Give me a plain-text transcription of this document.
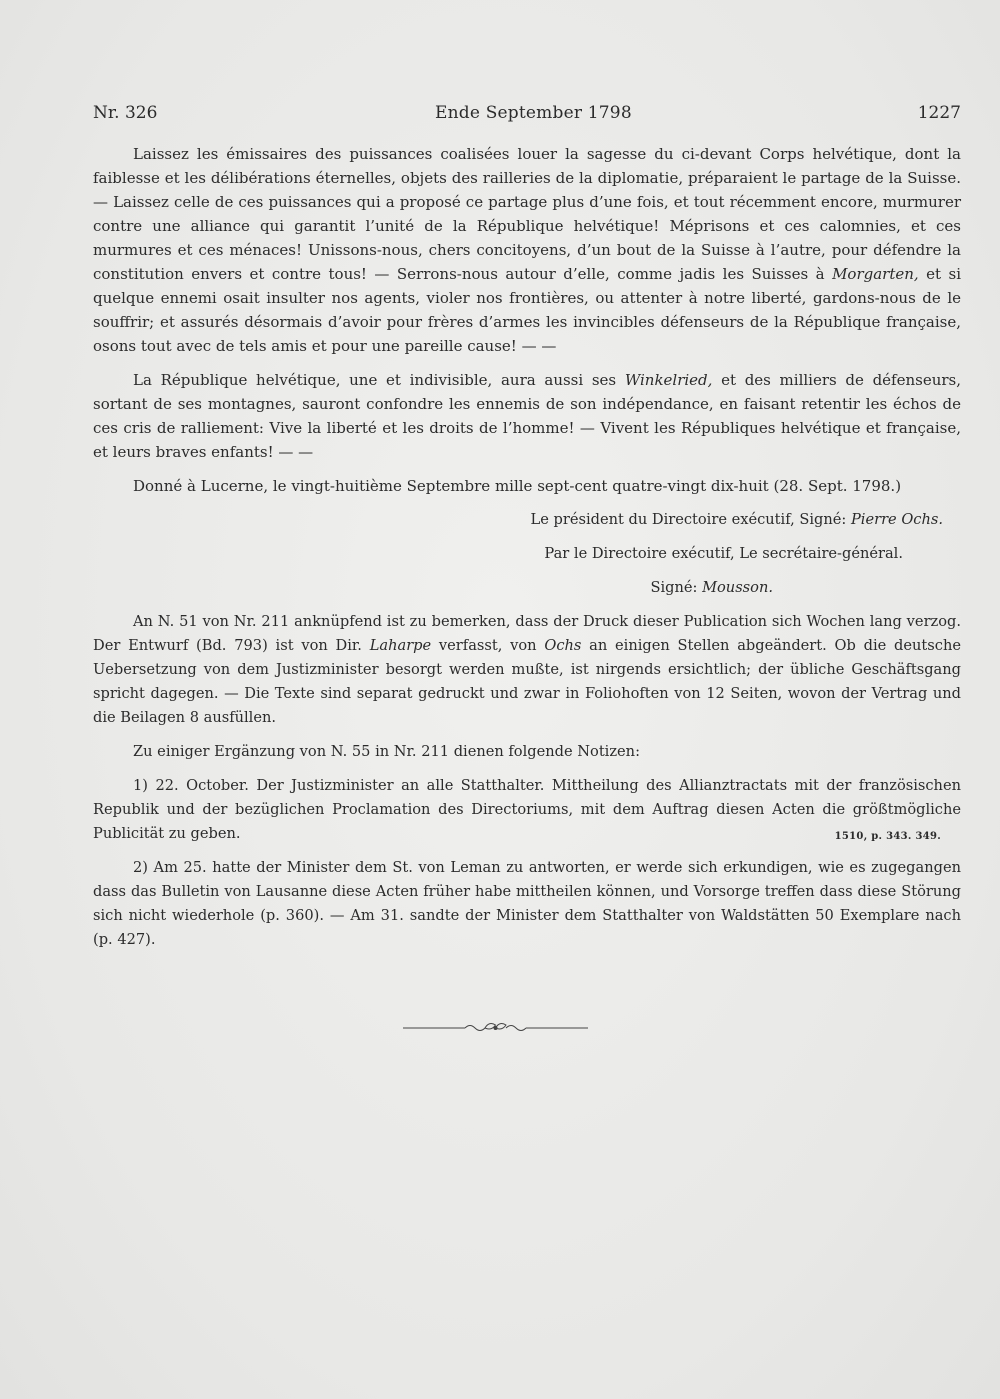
Nr. 326	Ende September 1798	1227

Laissez les émissaires des puissances coalisées louer la sagesse du ci-devant Corps helvétique, dont la faiblesse et les délibérations éternelles, objets des railleries de la diplomatie, préparaient le partage de la Suisse. — Laissez celle de ces puissances qui a proposé ce partage plus d’une fois, et tout récemment encore, murmurer contre une alliance qui garantit l’unité de la République helvétique! Méprisons et ces calomnies, et ces murmures et ces ménaces! Unissons-nous, chers concitoyens, d’un bout de la Suisse à l’autre, pour défendre la constitution envers et contre tous! — Serrons-nous autour d’elle, comme jadis les Suisses à Morgarten, et si quelque ennemi osait insulter nos agents, violer nos frontières, ou attenter à notre liberté, gardons-nous de le souffrir; et assurés désormais d’avoir pour frères d’armes les invincibles défenseurs de la République française, osons tout avec de tels amis et pour une pareille cause! — —

La République helvétique, une et indivisible, aura aussi ses Winkelried, et des milliers de défenseurs, sortant de ses montagnes, sauront confondre les ennemis de son indépendance, en faisant retentir les échos de ces cris de ralliement: Vive la liberté et les droits de l’homme! — Vivent les Républiques helvétique et française, et leurs braves enfants! — —

Donné à Lucerne, le vingt-huitième Septembre mille sept-cent quatre-vingt dix-huit (28. Sept. 1798.)

Le président du Directoire exécutif, Signé: Pierre Ochs.

Par le Directoire exécutif, Le secrétaire-général.

Signé: Mousson.

An N. 51 von Nr. 211 anknüpfend ist zu bemerken, dass der Druck dieser Publication sich Wochen lang verzog. Der Entwurf (Bd. 793) ist von Dir. Laharpe verfasst, von Ochs an einigen Stellen abgeändert. Ob die deutsche Uebersetzung von dem Justizminister besorgt werden mußte, ist nirgends ersichtlich; der übliche Geschäftsgang spricht dagegen. — Die Texte sind separat gedruckt und zwar in Foliohoften von 12 Seiten, wovon der Vertrag und die Beilagen 8 ausfüllen.

Zu einiger Ergänzung von N. 55 in Nr. 211 dienen folgende Notizen:

1) 22. October. Der Justizminister an alle Statthalter. Mittheilung des Allianztractats mit der französischen Republik und der bezüglichen Proclamation des Directoriums, mit dem Auftrag diesen Acten die größtmögliche Publicität zu geben.	1510, p. 343. 349.

2) Am 25. hatte der Minister dem St. von Leman zu antworten, er werde sich erkundigen, wie es zugegangen dass das Bulletin von Lausanne diese Acten früher habe mittheilen können, und Vorsorge treffen dass diese Störung sich nicht wiederhole (p. 360). — Am 31. sandte der Minister dem Statthalter von Waldstätten 50 Exemplare nach (p. 427).
